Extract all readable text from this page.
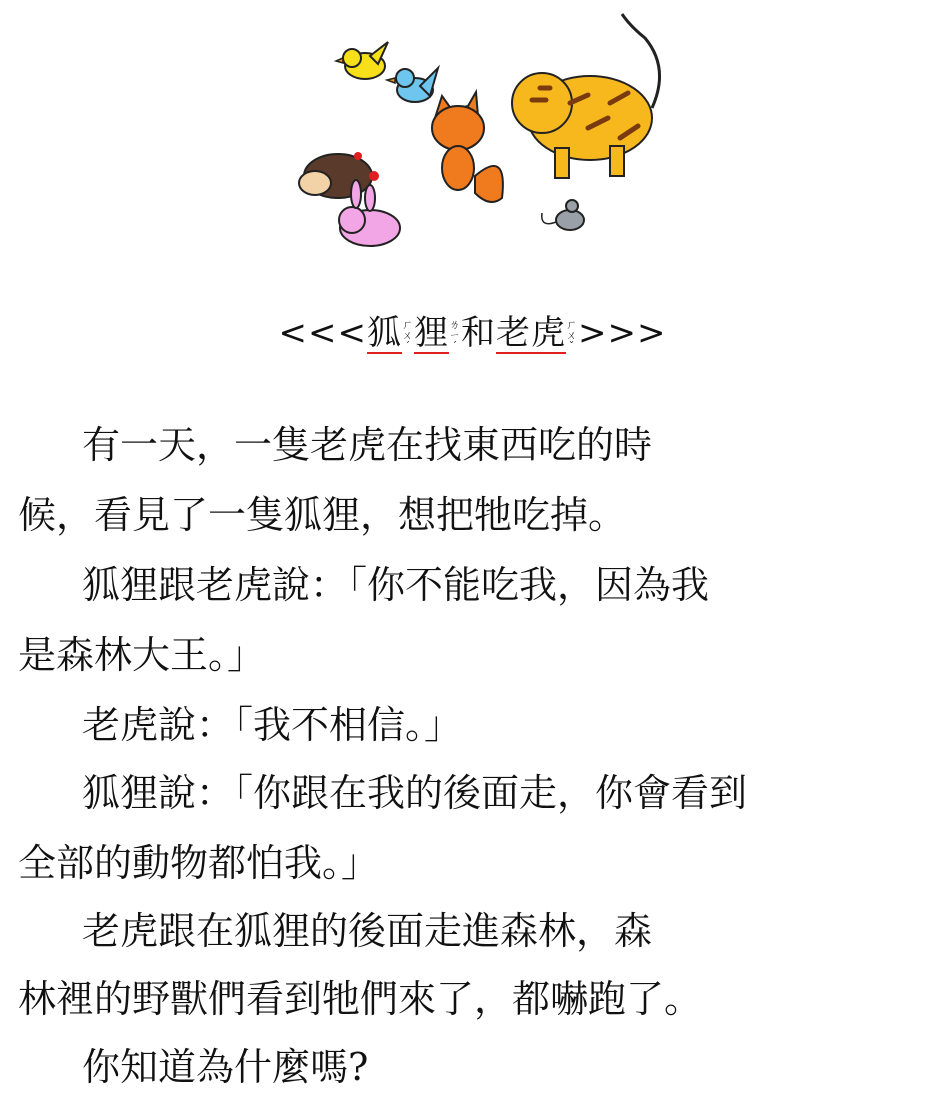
<<<狐ㄏㄨˊ狸ㄌㄧˊ和老虎ㄏㄨˇ>>>
有一天，一隻老虎在找東西吃的時
候，看見了一隻狐狸，想把牠吃掉。
狐狸跟老虎說：「你不能吃我，因為我
是森林大王。」
老虎說：「我不相信。」
狐狸說：「你跟在我的後面走，你會看到
全部的動物都怕我。」
老虎跟在狐狸的後面走進森林，森
林裡的野獸們看到牠們來了，都嚇跑了。
你知道為什麼嗎?
